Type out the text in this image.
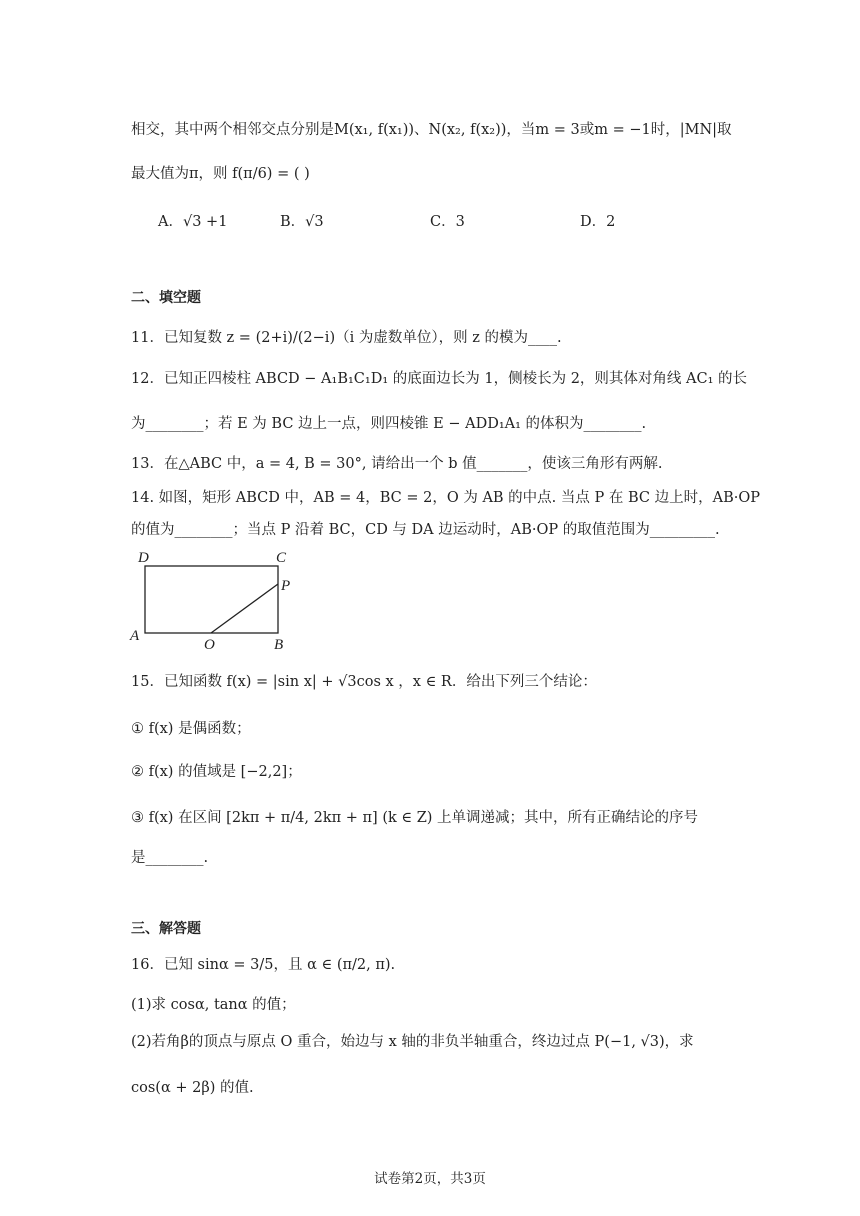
相交，其中两个相邻交点分别是M(x₁, f(x₁))、N(x₂, f(x₂))，当m = 3或m = −1时，|MN|取
最大值为π，则 f(π/6) = ( )
A．√3 +1	B．√3	C．3	D．2
二、填空题
11．已知复数 z = (2+i)/(2−i)（i 为虚数单位），则 z 的模为____.
12．已知正四棱柱 ABCD − A₁B₁C₁D₁ 的底面边长为 1，侧棱长为 2，则其体对角线 AC₁ 的长
为________；若 E 为 BC 边上一点，则四棱锥 E − ADD₁A₁ 的体积为________.
13．在△ABC 中，a = 4, B = 30°, 请给出一个 b 值_______，使该三角形有两解.
14. 如图，矩形 ABCD 中，AB = 4，BC = 2，O 为 AB 的中点. 当点 P 在 BC 边上时，AB·OP
的值为________；当点 P 沿着 BC，CD 与 DA 边运动时，AB·OP 的取值范围为_________.
D	C
P
A
O	B
15．已知函数 f(x) = |sin x| + √3cos x ，x ∈ R．给出下列三个结论：
① f(x) 是偶函数；
② f(x) 的值域是 [−2,2]；
③ f(x) 在区间 [2kπ + π/4, 2kπ + π] (k ∈ Z) 上单调递减；其中，所有正确结论的序号
是________.
三、解答题
16．已知 sinα = 3/5，且 α ∈ (π/2, π).
(1)求 cosα, tanα 的值；
(2)若角β的顶点与原点 O 重合，始边与 x 轴的非负半轴重合，终边过点 P(−1, √3)，求
cos(α + 2β) 的值.
试卷第2页，共3页
